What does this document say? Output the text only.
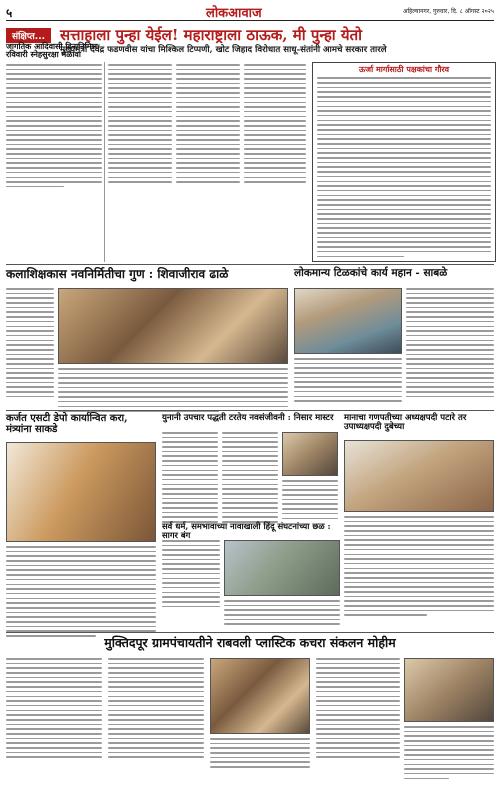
५	लोकआवाज	अहिल्यानगर, गुरुवार, दि. ८ ऑगस्ट २०२५
सत्ताहाला पुन्हा येईल! महाराष्ट्राला ठाऊक, मी पुन्हा येतो
मुख्यमंत्री देवेंद्र फडणवीस यांचा मिश्किल टिप्पणी, खोट जिहाद विरोधात साधू-संतांनी आमचे सरकार तारले
संक्षिप्त...
जागतिक आदिवासी दिनानिमित्त रविवारी स्नेहसुरक्षा मेळावा
ऊर्जा मार्गासाठी पक्षकांचा गौरव
कलाशिक्षकास नवनिर्मितीचा गुण : शिवाजीराव ढाळे	लोकमान्य टिळकांचे कार्य महान - साबळे
कर्जत एसटी डेपो कार्यान्वित करा, मंत्र्यांना साकडे
युनानी उपचार पद्धती टरतेय नवसंजीवनी : निसार मास्टर	मानाचा गणपतीच्या अध्यक्षपदी पटारे तर उपाध्यक्षपदी दुबेच्या
सर्व धर्म, समभावाच्या नावाखाली हिंदू संघटनांच्या छळ : सागर बंग
मुक्तिदपूर ग्रामपंचायतीने राबवली प्लास्टिक कचरा संकलन मोहीम
